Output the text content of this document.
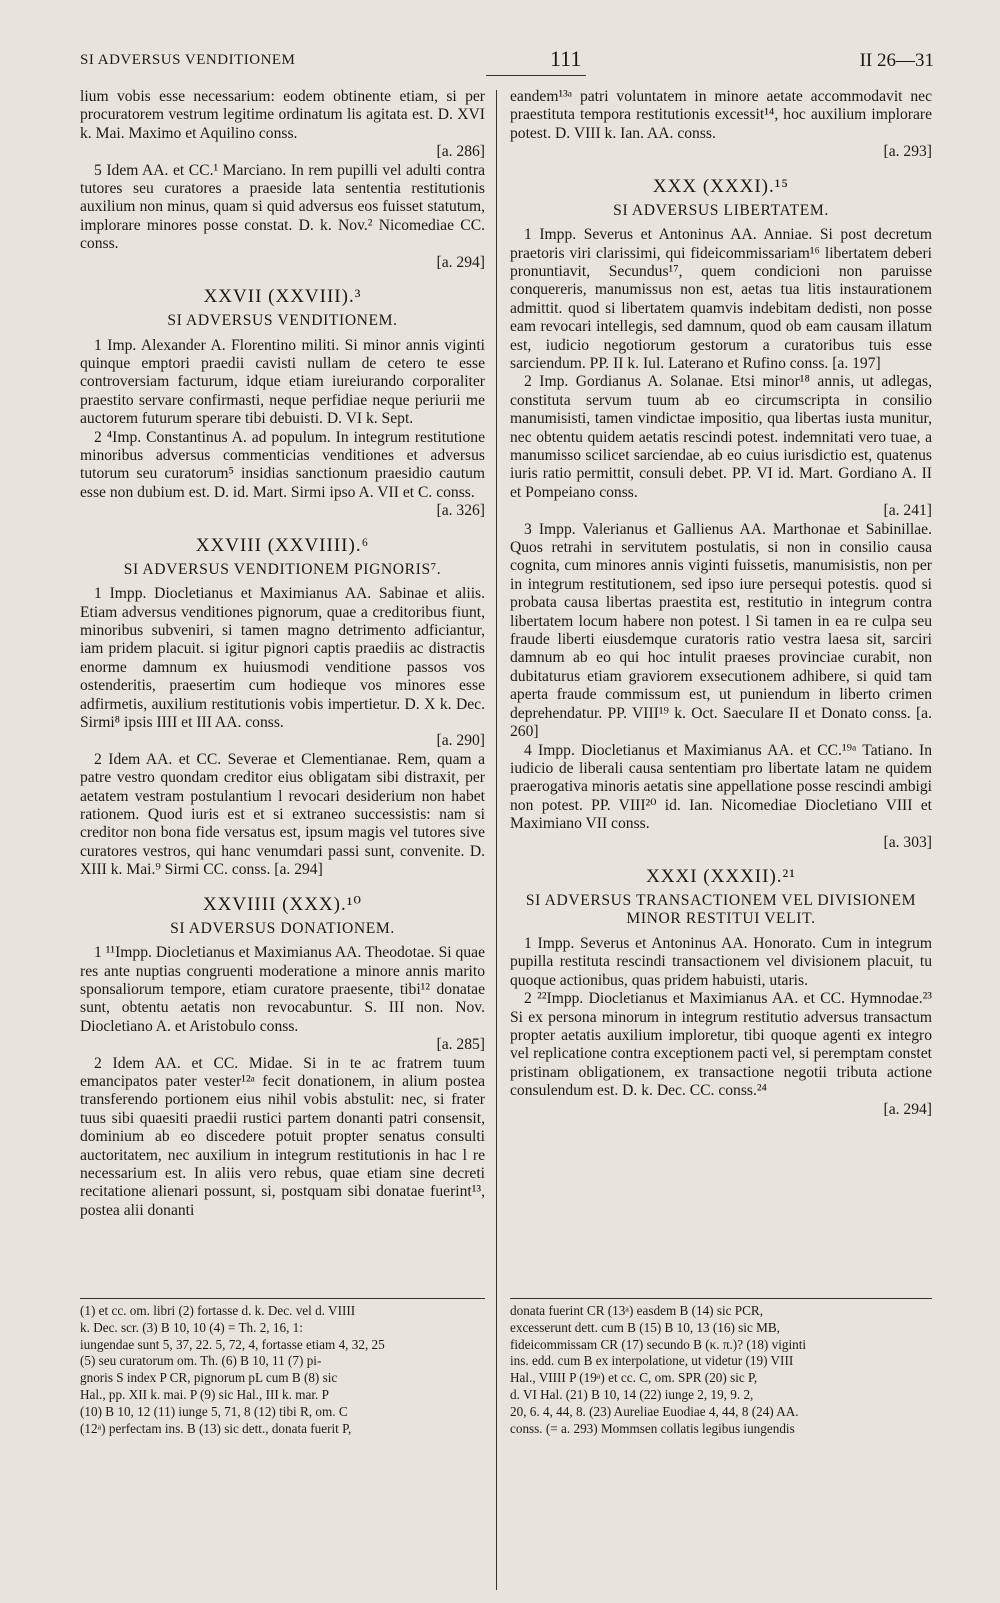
SI ADVERSUS VENDITIONEM	111	II 26—31

lium vobis esse necessarium: eodem obtinente etiam, si per procuratorem vestrum legitime ordinatum lis agitata est. D. XVI k. Mai. Maximo et Aquilino conss.

[a. 286]

5 Idem AA. et CC.¹ Marciano. In rem pupilli vel adulti contra tutores seu curatores a praeside lata sententia restitutionis auxilium non minus, quam si quid adversus eos fuisset statutum, implorare minores posse constat. D. k. Nov.² Nicomediae CC. conss.

[a. 294]
XXVII (XXVIII).³
SI ADVERSUS VENDITIONEM.

1 Imp. Alexander A. Florentino militi. Si minor annis viginti quinque emptori praedii cavisti nullam de cetero te esse controversiam facturum, idque etiam iureiurando corporaliter praestito servare confirmasti, neque perfidiae neque periurii me auctorem futurum sperare tibi debuisti. D. VI k. Sept.

2 ⁴Imp. Constantinus A. ad populum. In integrum restitutione minoribus adversus commenticias venditiones et adversus tutorum seu curatorum⁵ insidias sanctionum praesidio cautum esse non dubium est. D. id. Mart. Sirmi ipso A. VII et C. conss.

[a. 326]
XXVIII (XXVIIII).⁶
SI ADVERSUS VENDITIONEM PIGNORIS⁷.

1 Impp. Diocletianus et Maximianus AA. Sabinae et aliis. Etiam adversus venditiones pignorum, quae a creditoribus fiunt, minoribus subveniri, si tamen magno detrimento adficiantur, iam pridem placuit. si igitur pignori captis praediis ac distractis enorme damnum ex huiusmodi venditione passos vos ostenderitis, praesertim cum hodieque vos minores esse adfirmetis, auxilium restitutionis vobis impertietur. D. X k. Dec. Sirmi⁸ ipsis IIII et III AA. conss.

[a. 290]

2 Idem AA. et CC. Severae et Clementianae. Rem, quam a patre vestro quondam creditor eius obligatam sibi distraxit, per aetatem vestram postulantium l revocari desiderium non habet rationem. Quod iuris est et si extraneo successistis: nam si creditor non bona fide versatus est, ipsum magis vel tutores sive curatores vestros, qui hanc venumdari passi sunt, convenite. D. XIII k. Mai.⁹ Sirmi CC. conss. [a. 294]

XXVIIII (XXX).¹⁰
SI ADVERSUS DONATIONEM.

1 ¹¹Impp. Diocletianus et Maximianus AA. Theodotae. Si quae res ante nuptias congruenti moderatione a minore annis marito sponsaliorum tempore, etiam curatore praesente, tibi¹² donatae sunt, obtentu aetatis non revocabuntur. S. III non. Nov. Diocletiano A. et Aristobulo conss.

[a. 285]

2 Idem AA. et CC. Midae. Si in te ac fratrem tuum emancipatos pater vester¹²ᵃ fecit donationem, in alium postea transferendo portionem eius nihil vobis abstulit: nec, si frater tuus sibi quaesiti praedii rustici partem donanti patri consensit, dominium ab eo discedere potuit propter senatus consulti auctoritatem, nec auxilium in integrum restitutionis in hac l re necessarium est. In aliis vero rebus, quae etiam sine decreti recitatione alienari possunt, si, postquam sibi donatae fuerint¹³, postea alii donanti

eandem¹³ᵃ patri voluntatem in minore aetate accommodavit nec praestituta tempora restitutionis excessit¹⁴, hoc auxilium implorare potest. D. VIII k. Ian. AA. conss.

[a. 293]
XXX (XXXI).¹⁵
SI ADVERSUS LIBERTATEM.

1 Impp. Severus et Antoninus AA. Anniae. Si post decretum praetoris viri clarissimi, qui fideicommissariam¹⁶ libertatem deberi pronuntiavit, Secundus¹⁷, quem condicioni non paruisse conquereris, manumissus non est, aetas tua litis instaurationem admittit. quod si libertatem quamvis indebitam dedisti, non posse eam revocari intellegis, sed damnum, quod ob eam causam illatum est, iudicio negotiorum gestorum a curatoribus tuis esse sarciendum. PP. II k. Iul. Laterano et Rufino conss. [a. 197]

2 Imp. Gordianus A. Solanae. Etsi minor¹⁸ annis, ut adlegas, constituta servum tuum ab eo circumscripta in consilio manumisisti, tamen vindictae impositio, qua libertas iusta munitur, nec obtentu quidem aetatis rescindi potest. indemnitati vero tuae, a manumisso scilicet sarciendae, ab eo cuius iurisdictio est, quatenus iuris ratio permittit, consuli debet. PP. VI id. Mart. Gordiano A. II et Pompeiano conss.

[a. 241]

3 Impp. Valerianus et Gallienus AA. Marthonae et Sabinillae. Quos retrahi in servitutem postulatis, si non in consilio causa cognita, cum minores annis viginti fuissetis, manumisistis, non per in integrum restitutionem, sed ipso iure persequi potestis. quod si probata causa libertas praestita est, restitutio in integrum contra libertatem locum habere non potest. l Si tamen in ea re culpa seu fraude liberti eiusdemque curatoris ratio vestra laesa sit, sarciri damnum ab eo qui hoc intulit praeses provinciae curabit, non dubitaturus etiam graviorem exsecutionem adhibere, si quid tam aperta fraude commissum est, ut puniendum in liberto crimen deprehendatur. PP. VIII¹⁹ k. Oct. Saeculare II et Donato conss. [a. 260]

4 Impp. Diocletianus et Maximianus AA. et CC.¹⁹ᵃ Tatiano. In iudicio de liberali causa sententiam pro libertate latam ne quidem praerogativa minoris aetatis sine appellatione posse rescindi ambigi non potest. PP. VIII²⁰ id. Ian. Nicomediae Diocletiano VIII et Maximiano VII conss.

[a. 303]
XXXI (XXXII).²¹
SI ADVERSUS TRANSACTIONEM VEL DIVISIONEM MINOR RESTITUI VELIT.

1 Impp. Severus et Antoninus AA. Honorato. Cum in integrum pupilla restituta rescindi transactionem vel divisionem placuit, tu quoque actionibus, quas pridem habuisti, utaris.

2 ²²Impp. Diocletianus et Maximianus AA. et CC. Hymnodae.²³ Si ex persona minorum in integrum restitutio adversus transactum propter aetatis auxilium imploretur, tibi quoque agenti ex integro vel replicatione contra exceptionem pacti vel, si peremptam constet pristinam obligationem, ex transactione negotii tributa actione consulendum est. D. k. Dec. CC. conss.²⁴

[a. 294]

(1) et cc. om. libri (2) fortasse d. k. Dec. vel d. VIIII

k. Dec. scr. (3) B 10, 10 (4) = Th. 2, 16, 1:

iungendae sunt 5, 37, 22. 5, 72, 4, fortasse etiam 4, 32, 25

(5) seu curatorum om. Th. (6) B 10, 11 (7) pi-

gnoris S index P CR, pignorum pL cum B (8) sic

Hal., pp. XII k. mai. P (9) sic Hal., III k. mar. P

(10) B 10, 12 (11) iunge 5, 71, 8 (12) tibi R, om. C

(12ᵃ) perfectam ins. B (13) sic dett., donata fuerit P,

donata fuerint CR (13ᵃ) easdem B (14) sic PCR,

excesserunt dett. cum B (15) B 10, 13 (16) sic MB,

fideicommissam CR (17) secundo B (κ. π.)? (18) viginti

ins. edd. cum B ex interpolatione, ut videtur (19) VIII

Hal., VIIII P (19ᵃ) et cc. C, om. SPR (20) sic P,

d. VI Hal. (21) B 10, 14 (22) iunge 2, 19, 9. 2,

20, 6. 4, 44, 8. (23) Aureliae Euodiae 4, 44, 8 (24) AA.

conss. (= a. 293) Mommsen collatis legibus iungendis
